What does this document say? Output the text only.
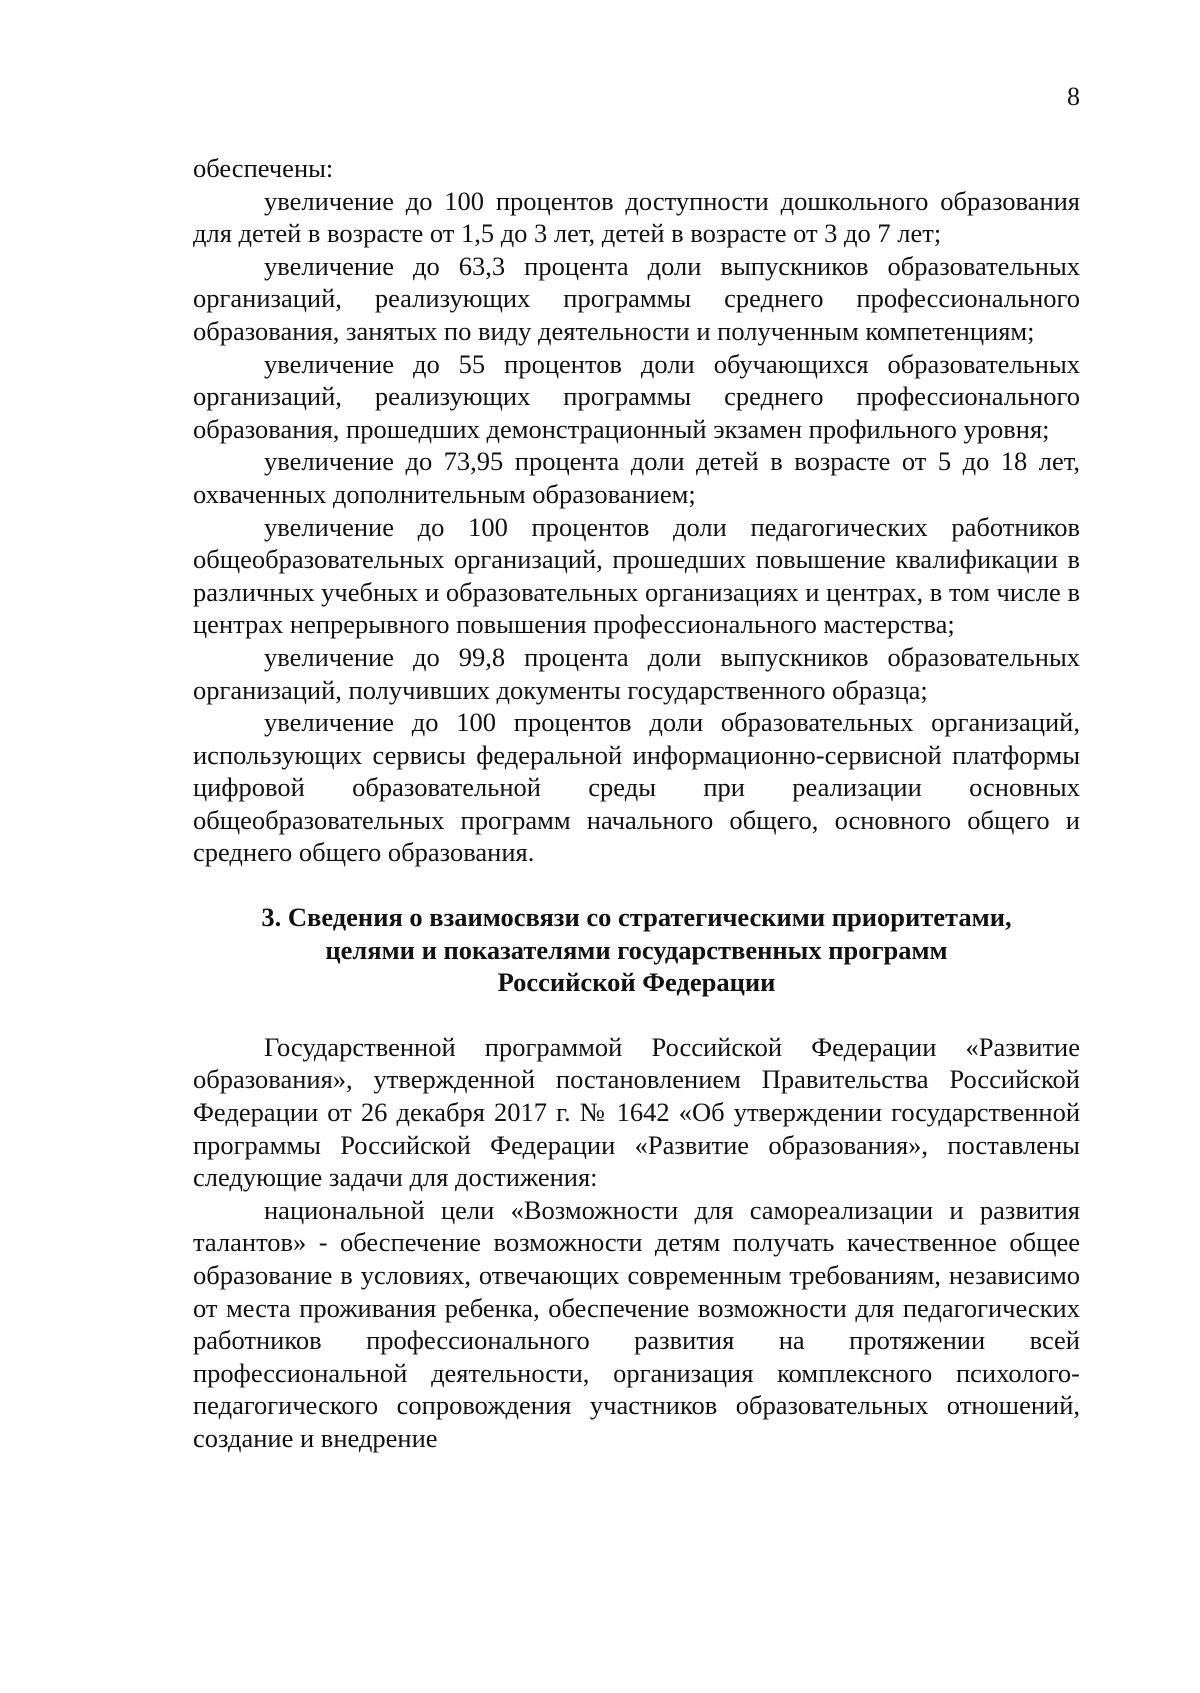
8

обеспечены:

увеличение до 100 процентов доступности дошкольного образования для детей в возрасте от 1,5 до 3 лет, детей в возрасте от 3 до 7 лет;

увеличение до 63,3 процента доли выпускников образовательных организаций, реализующих программы среднего профессионального образования, занятых по виду деятельности и полученным компетенциям;

увеличение до 55 процентов доли обучающихся образовательных организаций, реализующих программы среднего профессионального образования, прошедших демонстрационный экзамен профильного уровня;

увеличение до 73,95 процента доли детей в возрасте от 5 до 18 лет, охваченных дополнительным образованием;

увеличение до 100 процентов доли педагогических работников общеобразовательных организаций, прошедших повышение квалификации в различных учебных и образовательных организациях и центрах, в том числе в центрах непрерывного повышения профессионального мастерства;

увеличение до 99,8 процента доли выпускников образовательных организаций, получивших документы государственного образца;

увеличение до 100 процентов доли образовательных организаций, использующих сервисы федеральной информационно-сервисной платформы цифровой образовательной среды при реализации основных общеобразовательных программ начального общего, основного общего и среднего общего образования.

3. Сведения о взаимосвязи со стратегическими приоритетами,
целями и показателями государственных программ
Российской Федерации

Государственной программой Российской Федерации «Развитие образования», утвержденной постановлением Правительства Российской Федерации от 26 декабря 2017 г. № 1642 «Об утверждении государственной программы Российской Федерации «Развитие образования», поставлены следующие задачи для достижения:

национальной цели «Возможности для самореализации и развития талантов» - обеспечение возможности детям получать качественное общее образование в условиях, отвечающих современным требованиям, независимо от места проживания ребенка, обеспечение возможности для педагогических работников профессионального развития на протяжении всей профессиональной деятельности, организация комплексного психолого-педагогического сопровождения участников образовательных отношений, создание и внедрение
